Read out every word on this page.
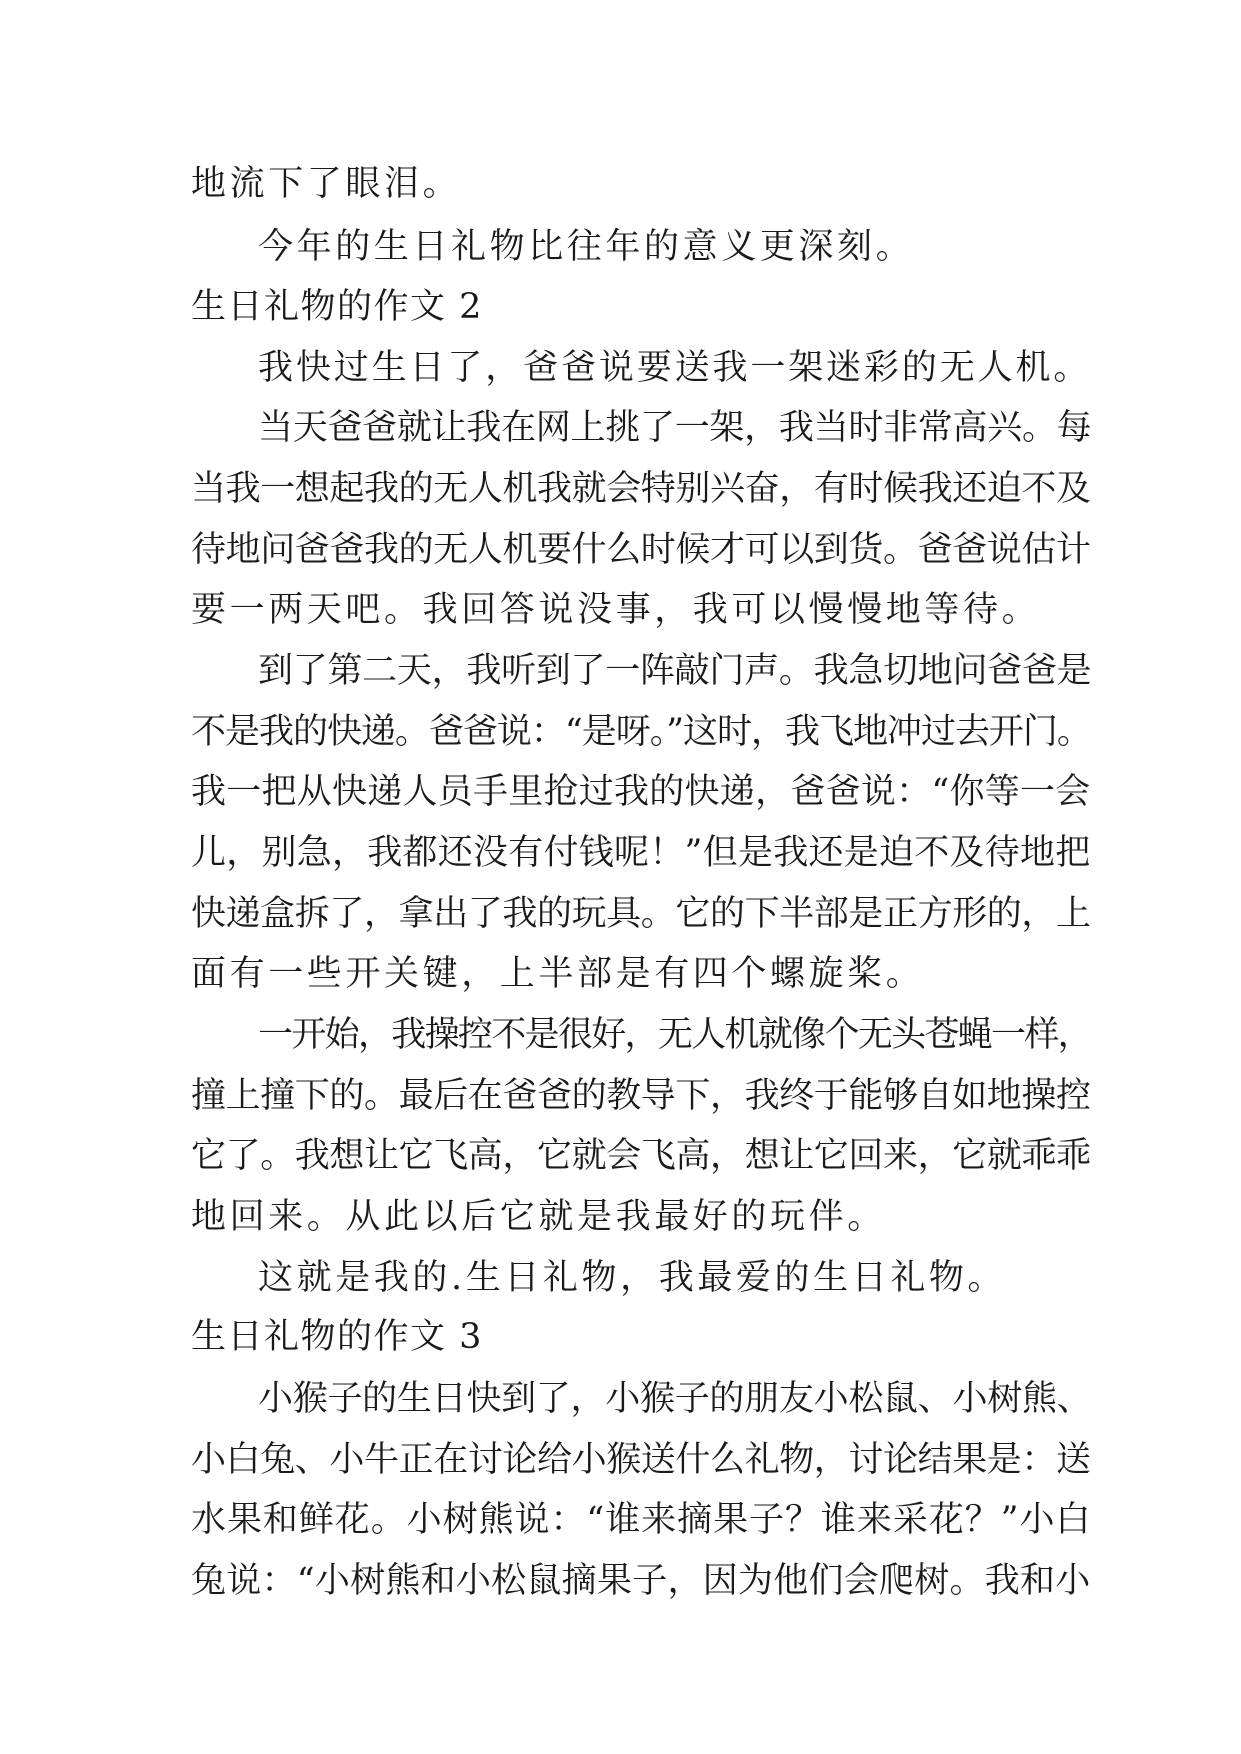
地流下了眼泪。
今年的生日礼物比往年的意义更深刻。
生日礼物的作文 2
我快过生日了，爸爸说要送我一架迷彩的无人机。
当天爸爸就让我在网上挑了一架，我当时非常高兴。每
当我一想起我的无人机我就会特别兴奋，有时候我还迫不及
待地问爸爸我的无人机要什么时候才可以到货。爸爸说估计
要一两天吧。我回答说没事，我可以慢慢地等待。
到了第二天，我听到了一阵敲门声。我急切地问爸爸是
不是我的快递。爸爸说：“是呀。”这时，我飞地冲过去开门。
我一把从快递人员手里抢过我的快递，爸爸说：“你等一会
儿，别急，我都还没有付钱呢！”但是我还是迫不及待地把
快递盒拆了，拿出了我的玩具。它的下半部是正方形的，上
面有一些开关键，上半部是有四个螺旋桨。
一开始，我操控不是很好，无人机就像个无头苍蝇一样，
撞上撞下的。最后在爸爸的教导下，我终于能够自如地操控
它了。我想让它飞高，它就会飞高，想让它回来，它就乖乖
地回来。从此以后它就是我最好的玩伴。
这就是我的.生日礼物，我最爱的生日礼物。
生日礼物的作文 3
小猴子的生日快到了，小猴子的朋友小松鼠、小树熊、
小白兔、小牛正在讨论给小猴送什么礼物，讨论结果是：送
水果和鲜花。小树熊说：“谁来摘果子？谁来采花？”小白
兔说：“小树熊和小松鼠摘果子，因为他们会爬树。我和小
